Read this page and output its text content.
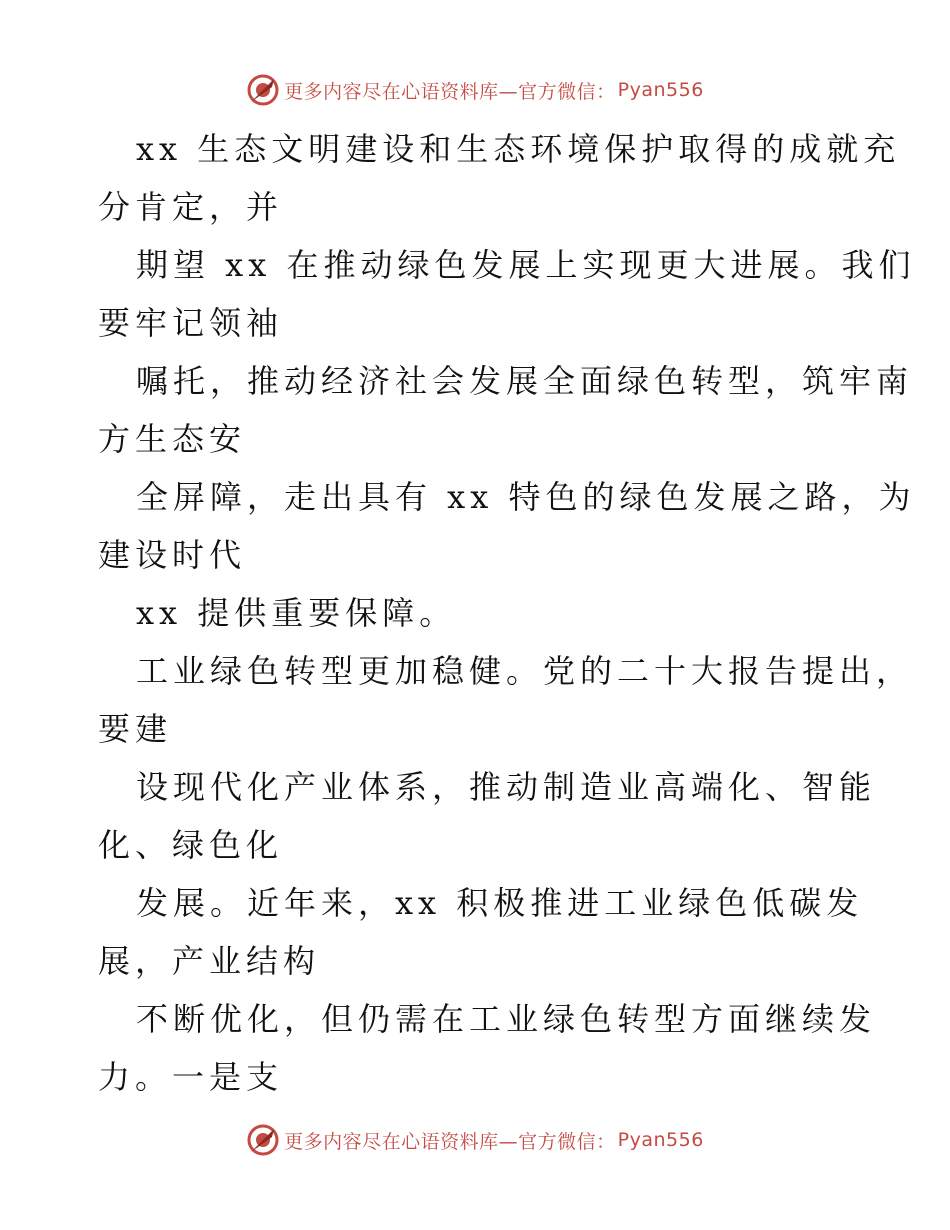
更多内容尽在心语资料库—官方微信： Pyan556
xx 生态文明建设和生态环境保护取得的成就充
分肯定，并
期望 xx 在推动绿色发展上实现更大进展。我们
要牢记领袖
嘱托，推动经济社会发展全面绿色转型，筑牢南
方生态安
全屏障，走出具有 xx 特色的绿色发展之路，为
建设时代
xx 提供重要保障。
工业绿色转型更加稳健。党的二十大报告提出，
要建
设现代化产业体系，推动制造业高端化、智能
化、绿色化
发展。近年来，xx 积极推进工业绿色低碳发
展，产业结构
不断优化，但仍需在工业绿色转型方面继续发
力。一是支
更多内容尽在心语资料库—官方微信： Pyan556
